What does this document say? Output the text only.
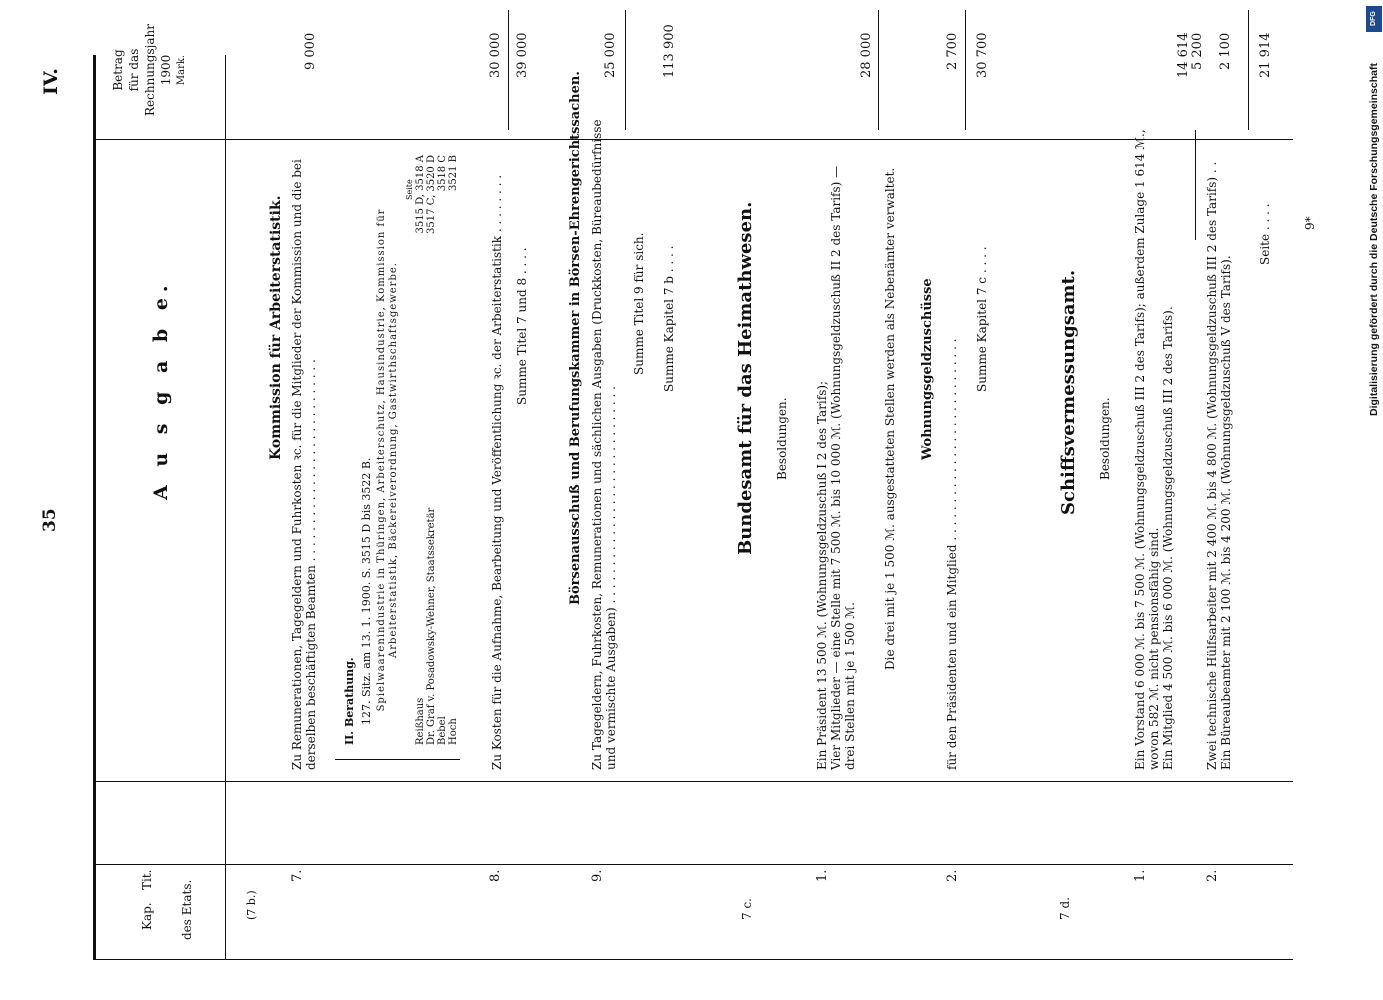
DFG
Digitalisierung gefördert durch die Deutsche Forschungsgemeinschaft
35
IV.
Kap.
Tit. des Etats.
Betrag für das Rechnungsjahr 1900 Mark.
A u s g a b e.
(7 b.)
Kommission für Arbeiterstatistik.
7.
Zu Remunerationen, Tagegeldern und Fuhrkosten ꝛc. für die Mitglieder der Kommission und die bei derselben beschäftigten Beamten . . . . . . . . . . . . . . . . . . . . . . . . . . .
9 000
II. Berathung. 127. Sitz. am 13. 1. 1900. S. 3515 D bis 3522 B. Spielwaarenindustrie in Thüringen, Arbeiterschutz, Hausindustrie, Kommission für Arbeiterstatistik, Bäckereiverordnung, Gastwirthschaftsgewerbe.
Seite
Reißhaus
3515 D, 3518 A
Dr. Graf v. Posadowsky-Wehner, Staatssekretär
3517 C, 3520 D
Bebel
3518 C
Hoch
3521 B
8.
Zu Kosten für die Aufnahme, Bearbeitung und Veröffentlichung ꝛc. der Arbeiterstatistik . . . . . . . .
30 000
Summe Titel 7 und 8 . . . .
39 000
Börsenausschuß und Berufungskammer in Börsen-Ehrengerichtssachen.
9.
Zu Tagegeldern, Fuhrkosten, Remunerationen und sächlichen Ausgaben (Druckkosten, Büreaubedürfnisse und vermischte Ausgaben) . . . . . . . . . . . . . . . . . . . . . . . . . . . . .
25 000
Summe Titel 9 für sich. Summe Kapitel 7 b . . . .
113 900
7 c.
Bundesamt für das Heimathwesen. Besoldungen.
1.
Ein Präsident 13 500 ℳ. (Wohnungsgeldzuschuß I 2 des Tarifs); Vier Mitglieder — eine Stelle mit 7 500 ℳ. bis 10 000 ℳ. (Wohnungsgeldzuschuß II 2 des Tarifs) — drei Stellen mit je 1 500 ℳ.
28 000
Die drei mit je 1 500 ℳ. ausgestatteten Stellen werden als Nebenämter verwaltet. Wohnungsgeldzuschüsse
2.
für den Präsidenten und ein Mitglied . . . . . . . . . . . . . . . . . . . . . . . . . . .
2 700
Summe Kapitel 7 c . . . .
30 700
7 d.
Schiffsvermessungsamt. Besoldungen.
1.
Ein Vorstand 6 000 ℳ. bis 7 500 ℳ. (Wohnungsgeldzuschuß III 2 des Tarifs); außerdem Zulage 1 614 ℳ., wovon 582 ℳ. nicht pensionsfähig sind. Ein Mitglied 4 500 ℳ. bis 6 000 ℳ. (Wohnungsgeldzuschuß III 2 des Tarifs).
14 614
2.
Zwei technische Hülfsarbeiter mit 2 400 ℳ. bis 4 800 ℳ. (Wohnungsgeldzuschuß III 2 des Tarifs) . . Ein Büreaubeamter mit 2 100 ℳ. bis 4 200 ℳ. (Wohnungsgeldzuschuß V des Tarifs).
5 200 2 100
Seite . . . .
21 914
9*
